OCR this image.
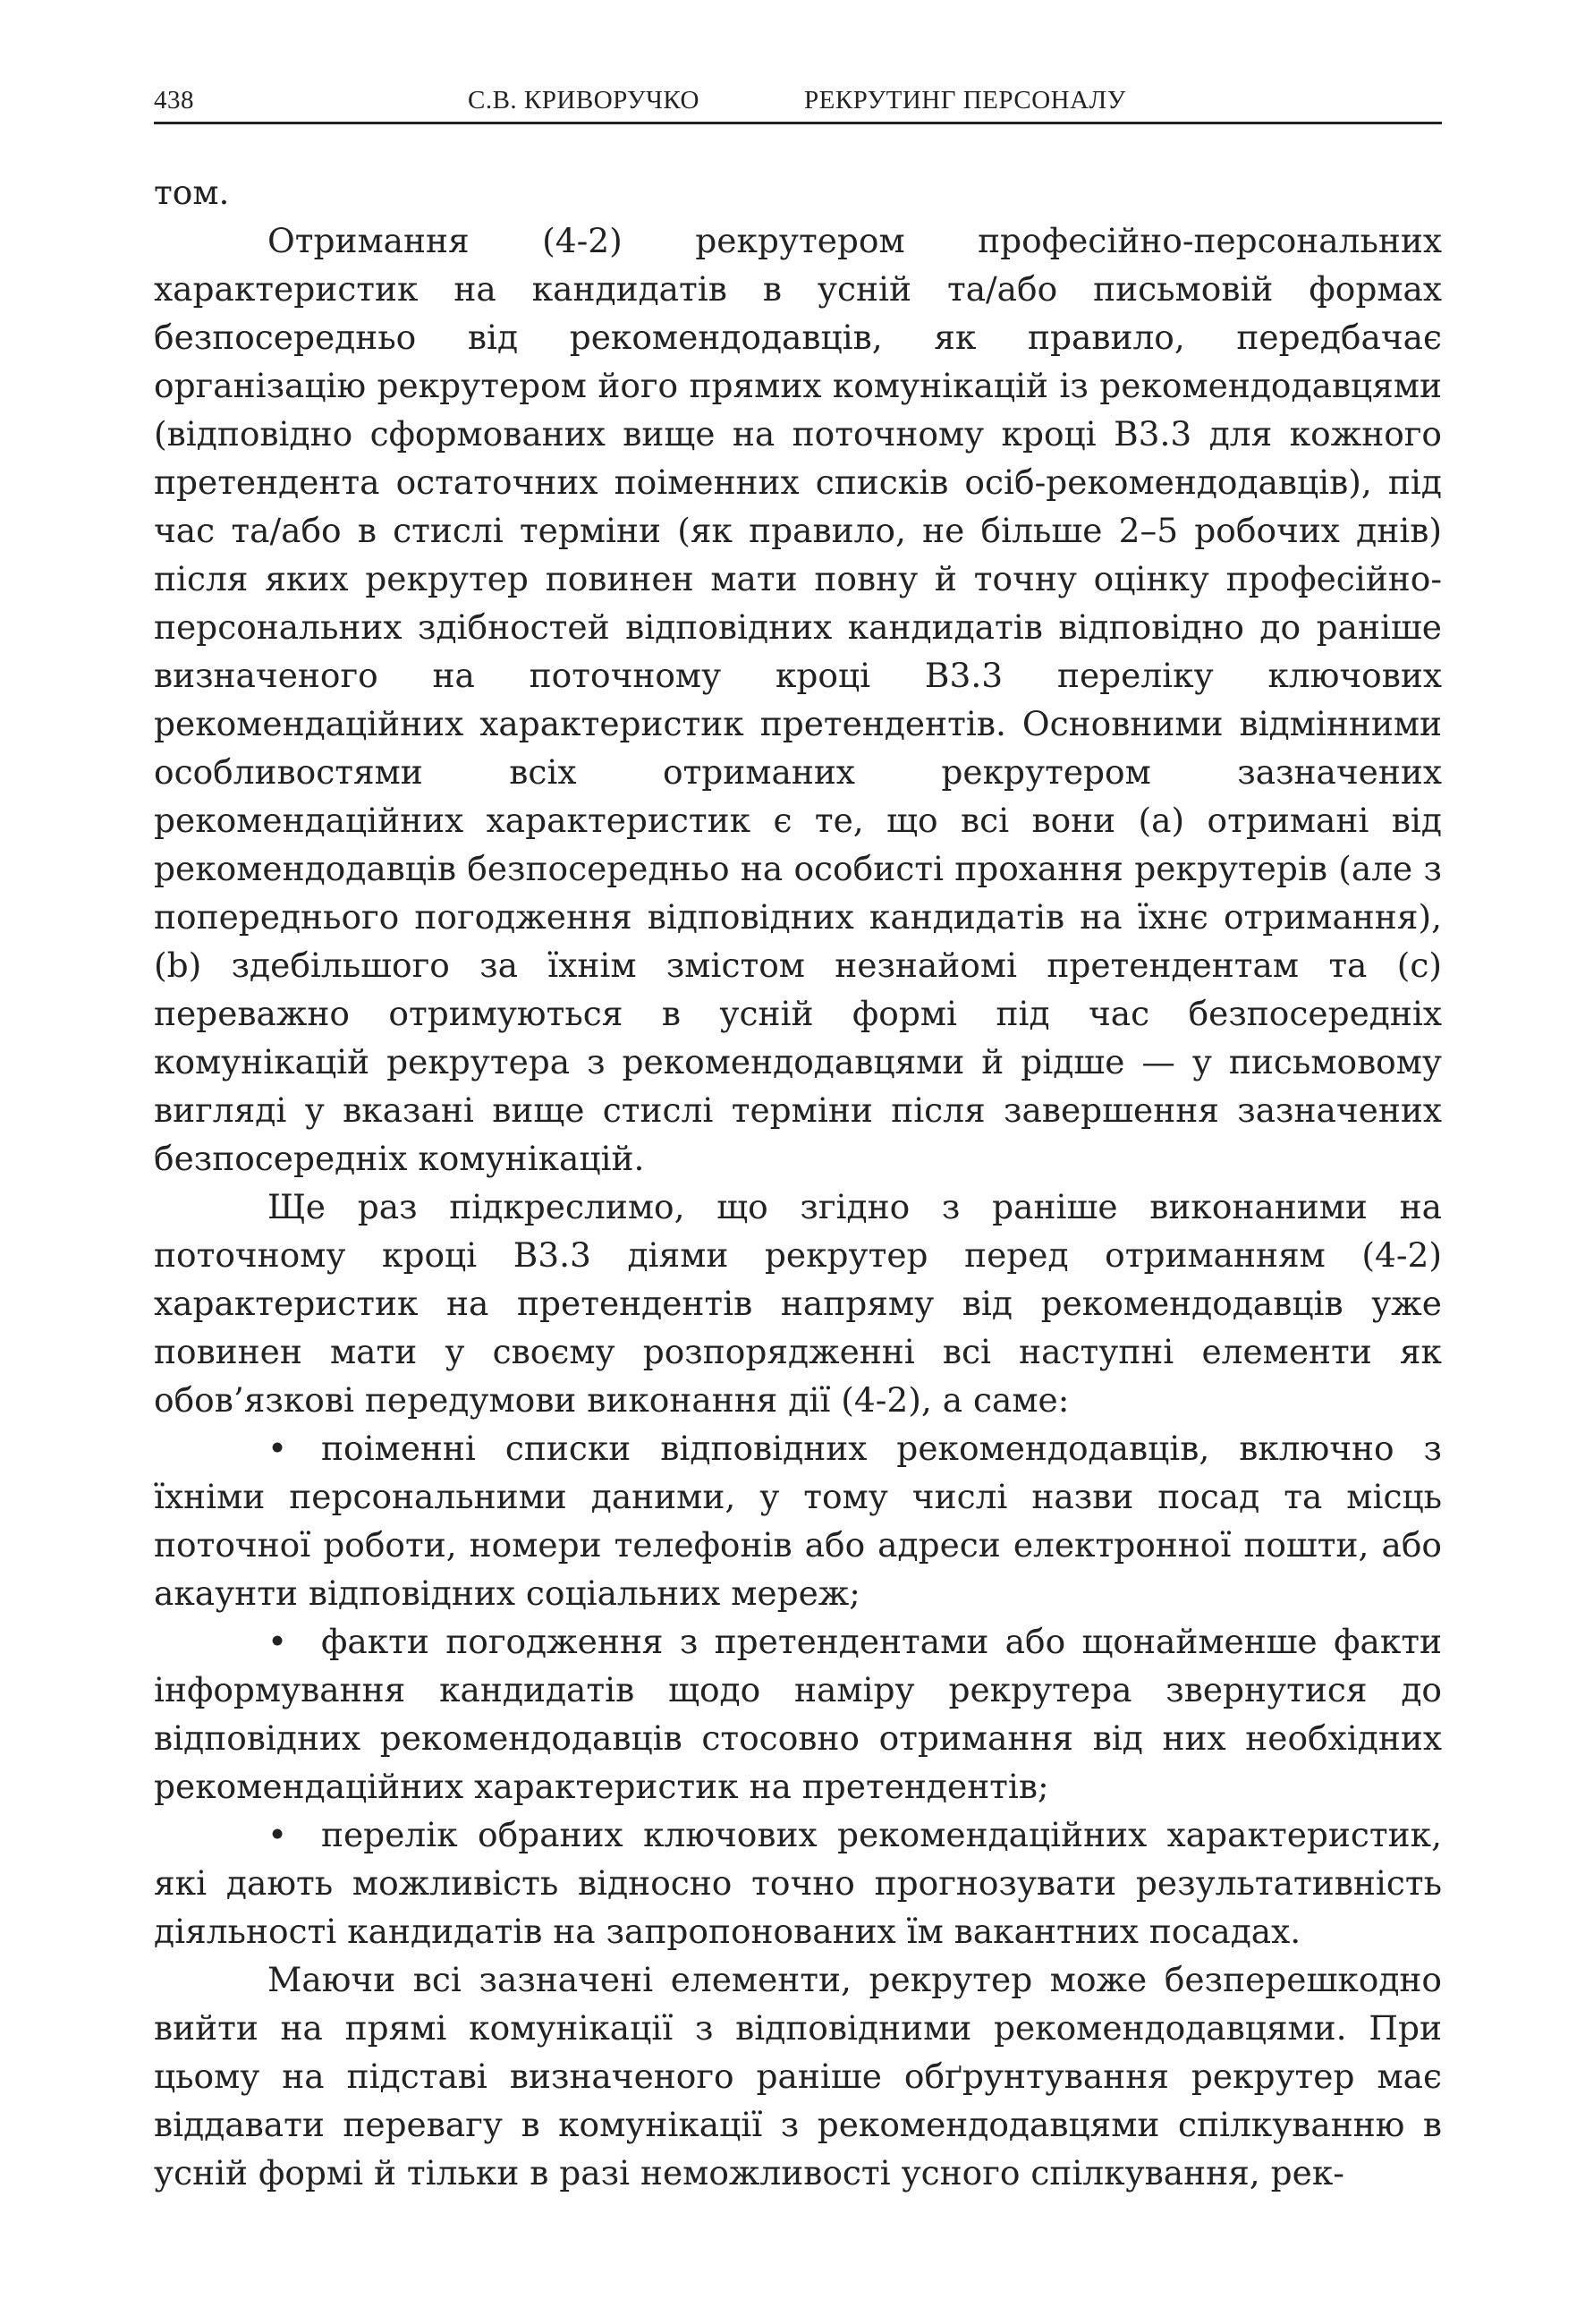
438	С.В. КРИВОРУЧКО	РЕКРУТИНГ ПЕРСОНАЛУ

том.

Отримання (4-2) рекрутером професійно-персональних характеристик на кандидатів в усній та/або письмовій формах безпосередньо від рекомендодавців, як правило, передбачає організацію рекрутером його прямих комунікацій із рекомендодавцями (відповідно сформованих вище на поточному кроці В3.3 для кожного претендента остаточних поіменних списків осіб-рекомендодавців), під час та/або в стислі терміни (як правило, не більше 2–5 робочих днів) після яких рекрутер повинен мати повну й точну оцінку професійно-персональних здібностей відповідних кандидатів відповідно до раніше визначеного на поточному кроці В3.3 переліку ключових рекомендаційних характеристик претендентів. Основними відмінними особливостями всіх отриманих рекрутером зазначених рекомендаційних характеристик є те, що всі вони (a) отримані від рекомендодавців безпосередньо на особисті прохання рекрутерів (але з попереднього погодження відповідних кандидатів на їхнє отримання), (b) здебільшого за їхнім змістом незнайомі претендентам та (c) переважно отримуються в усній формі під час безпосередніх комунікацій рекрутера з рекомендодавцями й рідше — у письмовому вигляді у вказані вище стислі терміни після завершення зазначених безпосередніх комунікацій.

Ще раз підкреслимо, що згідно з раніше виконаними на поточному кроці В3.3 діями рекрутер перед отриманням (4-2) характеристик на претендентів напряму від рекомендодавців уже повинен мати у своєму розпорядженні всі наступні елементи як обов’язкові передумови виконання дії (4-2), а саме:

• поіменні списки відповідних рекомендодавців, включно з їхніми персональними даними, у тому числі назви посад та місць поточної роботи, номери телефонів або адреси електронної пошти, або акаунти відповідних соціальних мереж;
• факти погодження з претендентами або щонайменше факти інформування кандидатів щодо наміру рекрутера звернутися до відповідних рекомендодавців стосовно отримання від них необхідних рекомендаційних характеристик на претендентів;
• перелік обраних ключових рекомендаційних характеристик, які дають можливість відносно точно прогнозувати результативність діяльності кандидатів на запропонованих їм вакантних посадах.

Маючи всі зазначені елементи, рекрутер може безперешкодно вийти на прямі комунікації з відповідними рекомендодавцями. При цьому на підставі визначеного раніше обґрунтування рекрутер має віддавати перевагу в комунікації з рекомендодавцями спілкуванню в усній формі й тільки в разі неможливості усного спілкування, рек-
